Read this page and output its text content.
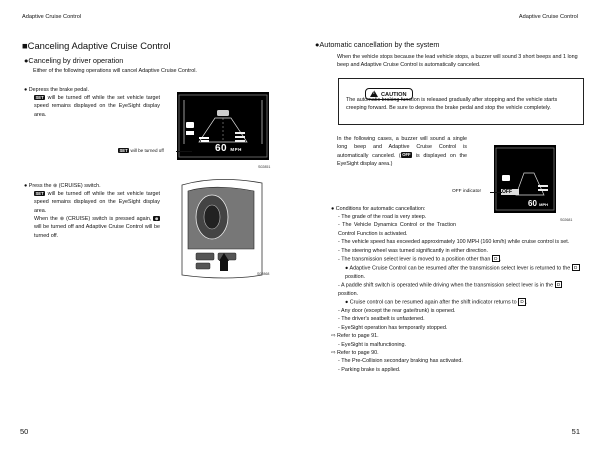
Adaptive Cruise Control	Adaptive Cruise Control
■Canceling Adaptive Cruise Control
●Canceling by driver operation
Either of the following operations will cancel Adaptive Cruise Control.
● Depress the brake pedal.
SET will be turned off while the set vehicle target speed remains displayed on the EyeSight display area.
60 MPH
SET will be turned off
S02851
● Press the ⊛ (CRUISE) switch.
SET will be turned off while the set vehicle target speed remains displayed on the EyeSight display area.
When the ⊛ (CRUISE) switch is pressed again, ⊛ will be turned off and Adaptive Cruise Control will be turned off.
S02868
●Automatic cancellation by the system
When the vehicle stops because the lead vehicle stops, a buzzer will sound 3 short beeps and 1 long beep and Adaptive Cruise Control is automatically canceled.
! CAUTION
The automatic braking function is released gradually after stopping and the vehicle starts creeping forward. Be sure to depress the brake pedal and stop the vehicle completely.
In the following cases, a buzzer will sound a single long beep and Adaptive Cruise Control is automatically canceled. ( OFF is displayed on the EyeSight display area.)
OFF
60 MPH
OFF indicator
S02681
● Conditions for automatic cancellation:
- The grade of the road is very steep.
- The Vehicle Dynamics Control or the Traction Control Function is activated.
- The vehicle speed has exceeded approximately 100 MPH (160 km/h) while cruise control is set.
- The steering wheel was turned significantly in either direction.
- The transmission select lever is moved to a position other than D .
● Adaptive Cruise Control can be resumed after the transmission select lever is returned to the D position.
- A paddle shift switch is operated while driving when the transmission select lever is in the D position.
● Cruise control can be resumed again after the shift indicator returns to D .
- Any door (except the rear gate/trunk) is opened.
- The driver's seatbelt is unfastened.
- EyeSight operation has temporarily stopped.
⇨ Refer to page 91.
- EyeSight is malfunctioning.
⇨ Refer to page 90.
- The Pre-Collision secondary braking has activated.
- Parking brake is applied.
50	51
